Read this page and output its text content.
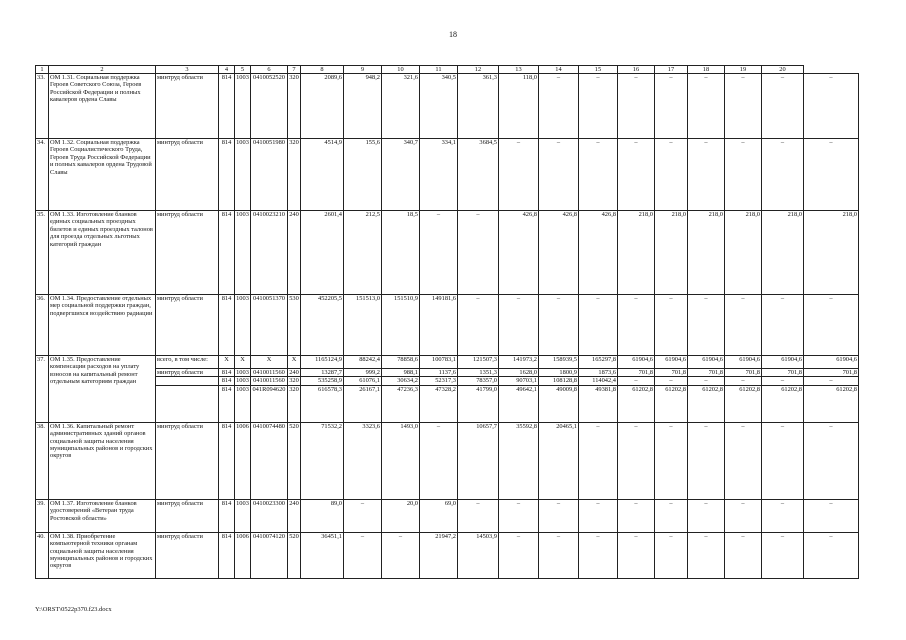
18
1	2	3	4	5	6	7	8	9	10	11	12	13	14	15	16	17	18	19	20	
33.	ОМ 1.31. Социальная поддержка Героев Советского Союза, Героев Российской Федерации и полных кавалеров ордена Славы	минтруд области	814	1003	0410052520	320	2089,6	948,2	321,6	340,5	361,3	118,0	–	–	–	–	–	–	–	–
34.	ОМ 1.32. Социальная поддержка Героев Социалистического Труда, Героев Труда Российской Федерации и полных кавалеров ордена Трудовой Славы	минтруд области	814	1003	0410051980	320	4514,9	155,6	340,7	334,1	3684,5	–	–	–	–	–	–	–	–	–
35.	ОМ 1.33. Изготовление бланков единых социальных проездных билетов и единых проездных талонов для проезда отдельных льготных категорий граждан	минтруд области	814	1003	0410023210	240	2601,4	212,5	18,5	–	–	426,8	426,8	426,8	218,0	218,0	218,0	218,0	218,0	218,0
36.	ОМ 1.34. Предоставление отдельных мер социальной поддержки граждан, подвергшихся воздействию радиации	минтруд области	814	1003	0410051370	530	452205,5	151513,0	151510,9	149181,6	–	–	–	–	–	–	–	–	–	–
37.	ОМ 1.35. Предоставление компенсации расходов на уплату взносов на капитальный ремонт отдельным категориям граждан	всего, в том числе:	X	X	X	X	1165124,9	88242,4	78858,6	100783,1	121507,3	141973,2	158939,5	165297,8	61904,6	61904,6	61904,6	61904,6	61904,6	61904,6
		минтруд области	814	1003	0410011560	240	13287,7	999,2	988,1	1137,6	1351,3	1628,0	1800,9	1873,6	701,8	701,8	701,8	701,8	701,8	701,8
			814	1003	0410011560	320	535258,9	61076,1	30634,2	52317,3	78357,0	90703,1	108128,8	114042,4	–	–	–	–	–	–
			814	1003	041R094620	320	616578,3	26167,1	47236,3	47328,2	41799,0	49642,1	49009,8	49381,8	61202,8	61202,8	61202,8	61202,8	61202,8	61202,8
38.	ОМ 1.36. Капитальный ремонт административных зданий органов социальной защиты населения муниципальных районов и городских округов	минтруд области	814	1006	0410074480	520	71532,2	3323,6	1493,0	–	10657,7	35592,8	20465,1	–	–	–	–	–	–	–
39.	ОМ 1.37. Изготовление бланков удостоверений «Ветеран труда Ростовской области»	минтруд области	814	1003	0410023300	240	89,0	–	20,0	69,0	–	–	–	–	–	–	–	–	–	–
40.	ОМ 1.38. Приобретение компьютерной техники органам социальной защиты населения муниципальных районов и городских округов	минтруд области	814	1006	0410074120	520	36451,1	–	–	21947,2	14503,9	–	–	–	–	–	–	–	–	–
Y:\ORST\0522p370.f23.docx
